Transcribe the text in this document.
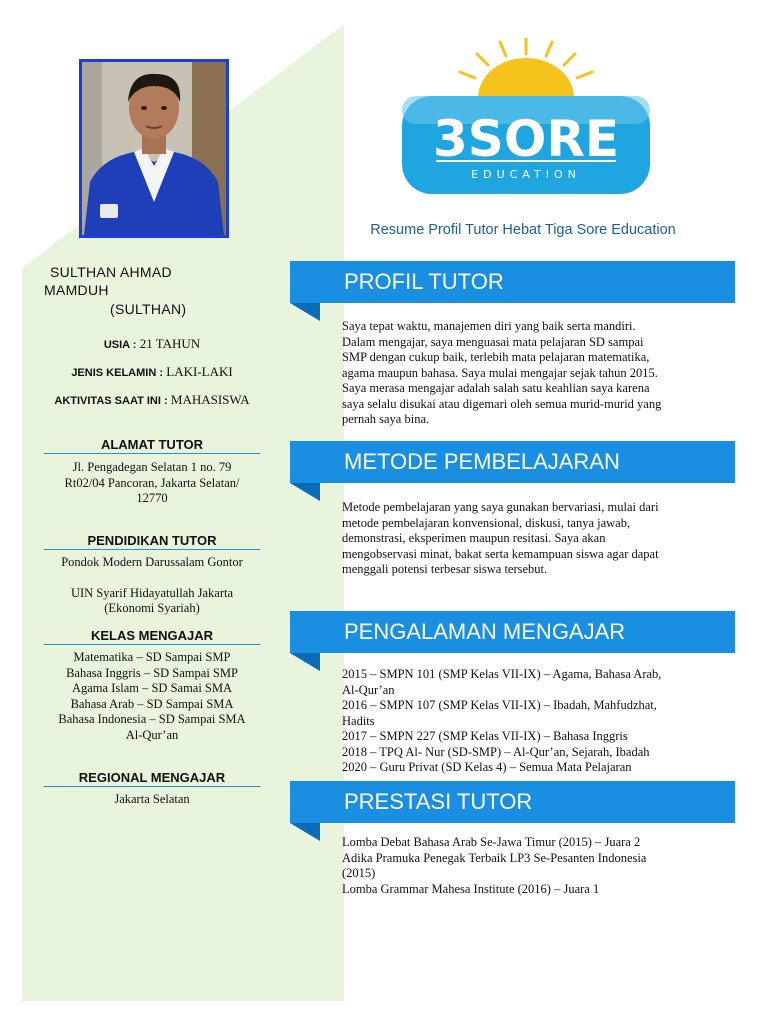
3SORE
EDUCATION
Resume Profil Tutor Hebat Tiga Sore Education
SULTHAN AHMAD
MAMDUH
(SULTHAN)
USIA : 21 TAHUN
JENIS KELAMIN : LAKI-LAKI
AKTIVITAS SAAT INI : MAHASISWA
ALAMAT TUTOR
Jl. Pengadegan Selatan 1 no. 79
Rt02/04 Pancoran, Jakarta Selatan/
12770
PENDIDIKAN TUTOR
Pondok Modern Darussalam Gontor
UIN Syarif Hidayatullah Jakarta
(Ekonomi Syariah)
KELAS MENGAJAR
Matematika – SD Sampai SMP
Bahasa Inggris – SD Sampai SMP
Agama Islam – SD Samai SMA
Bahasa Arab – SD Sampai SMA
Bahasa Indonesia – SD Sampai SMA
Al-Qur’an
REGIONAL MENGAJAR
Jakarta Selatan
PROFIL TUTOR
Saya tepat waktu, manajemen diri yang baik serta mandiri.
Dalam mengajar, saya menguasai mata pelajaran SD sampai
SMP dengan cukup baik, terlebih mata pelajaran matematika,
agama maupun bahasa. Saya mulai mengajar sejak tahun 2015.
Saya merasa mengajar adalah salah satu keahlian saya karena
saya selalu disukai atau digemari oleh semua murid-murid yang
pernah saya bina.
METODE PEMBELAJARAN
Metode pembelajaran yang saya gunakan bervariasi, mulai dari
metode pembelajaran konvensional, diskusi, tanya jawab,
demonstrasi, eksperimen maupun resitasi. Saya akan
mengobservasi minat, bakat serta kemampuan siswa agar dapat
menggali potensi terbesar siswa tersebut.
PENGALAMAN MENGAJAR
2015 – SMPN 101 (SMP Kelas VII-IX) – Agama, Bahasa Arab,
Al-Qur’an
2016 – SMPN 107 (SMP Kelas VII-IX) – Ibadah, Mahfudzhat,
Hadits
2017 – SMPN 227 (SMP Kelas VII-IX) – Bahasa Inggris
2018 – TPQ Al- Nur (SD-SMP) – Al-Qur’an, Sejarah, Ibadah
2020 – Guru Privat (SD Kelas 4) – Semua Mata Pelajaran
PRESTASI TUTOR
Lomba Debat Bahasa Arab Se-Jawa Timur (2015) – Juara 2
Adika Pramuka Penegak Terbaik LP3 Se-Pesanten Indonesia
(2015)
Lomba Grammar Mahesa Institute (2016) – Juara 1
